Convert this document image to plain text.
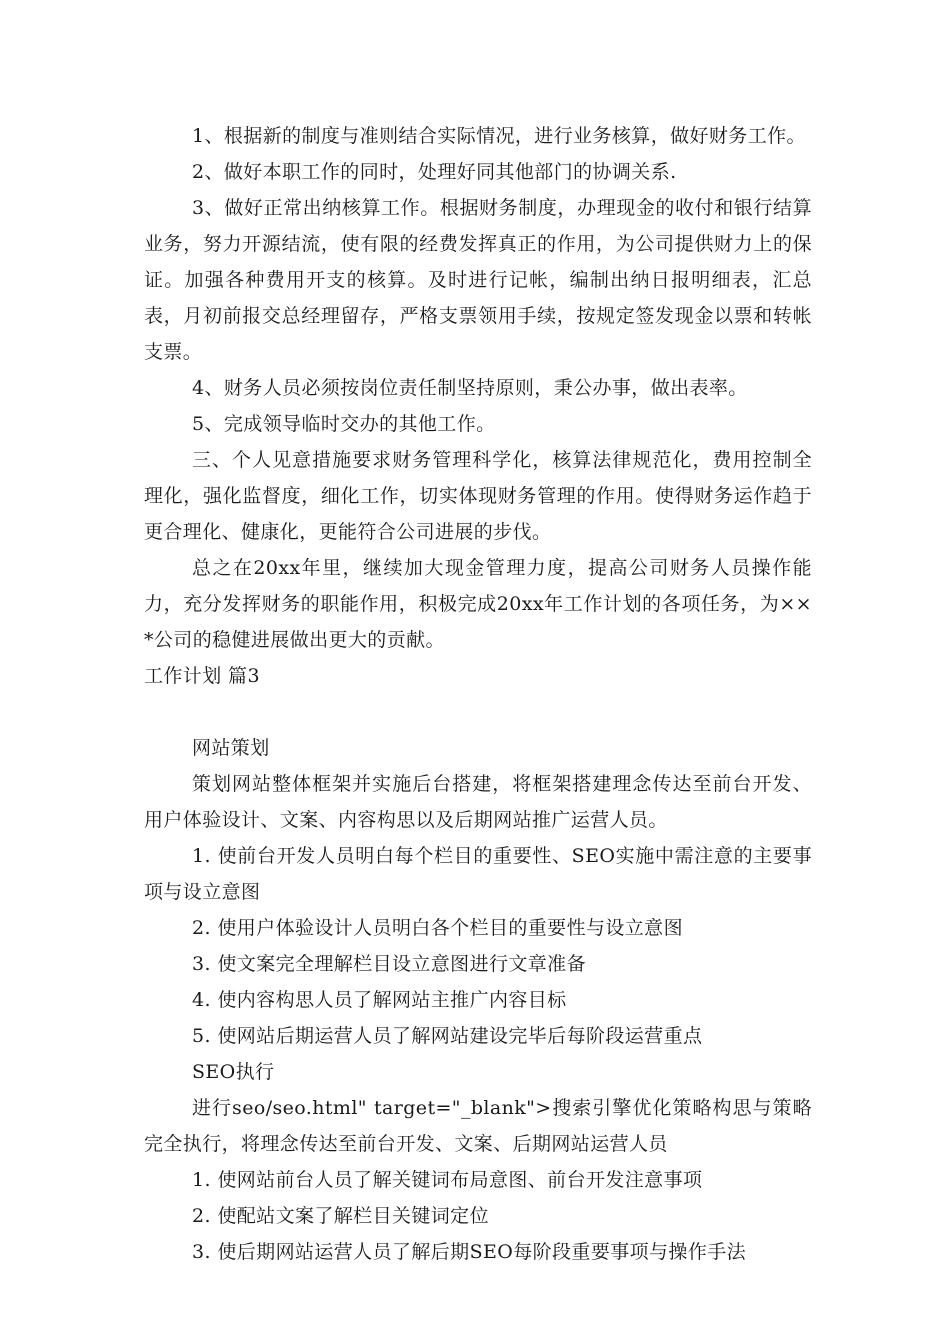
1、根据新的制度与准则结合实际情况，进行业务核算，做好财务工作。

2、做好本职工作的同时，处理好同其他部门的协调关系.

3、做好正常出纳核算工作。根据财务制度，办理现金的收付和银行结算业务，努力开源结流，使有限的经费发挥真正的作用，为公司提供财力上的保证。加强各种费用开支的核算。及时进行记帐，编制出纳日报明细表，汇总表，月初前报交总经理留存，严格支票领用手续，按规定签发现金以票和转帐支票。

4、财务人员必须按岗位责任制坚持原则，秉公办事，做出表率。

5、完成领导临时交办的其他工作。

三、个人见意措施要求财务管理科学化，核算法律规范化，费用控制全理化，强化监督度，细化工作，切实体现财务管理的作用。使得财务运作趋于更合理化、健康化，更能符合公司进展的步伐。

总之在20xx年里，继续加大现金管理力度，提高公司财务人员操作能力，充分发挥财务的职能作用，积极完成20xx年工作计划的各项任务，为××*公司的稳健进展做出更大的贡献。

工作计划 篇3

网站策划

策划网站整体框架并实施后台搭建，将框架搭建理念传达至前台开发、用户体验设计、文案、内容构思以及后期网站推广运营人员。

1. 使前台开发人员明白每个栏目的重要性、SEO实施中需注意的主要事项与设立意图

2. 使用户体验设计人员明白各个栏目的重要性与设立意图

3. 使文案完全理解栏目设立意图进行文章准备

4. 使内容构思人员了解网站主推广内容目标

5. 使网站后期运营人员了解网站建设完毕后每阶段运营重点

SEO执行

进行seo/seo.html" target="_blank">搜索引擎优化策略构思与策略完全执行，将理念传达至前台开发、文案、后期网站运营人员

1. 使网站前台人员了解关键词布局意图、前台开发注意事项

2. 使配站文案了解栏目关键词定位

3. 使后期网站运营人员了解后期SEO每阶段重要事项与操作手法
